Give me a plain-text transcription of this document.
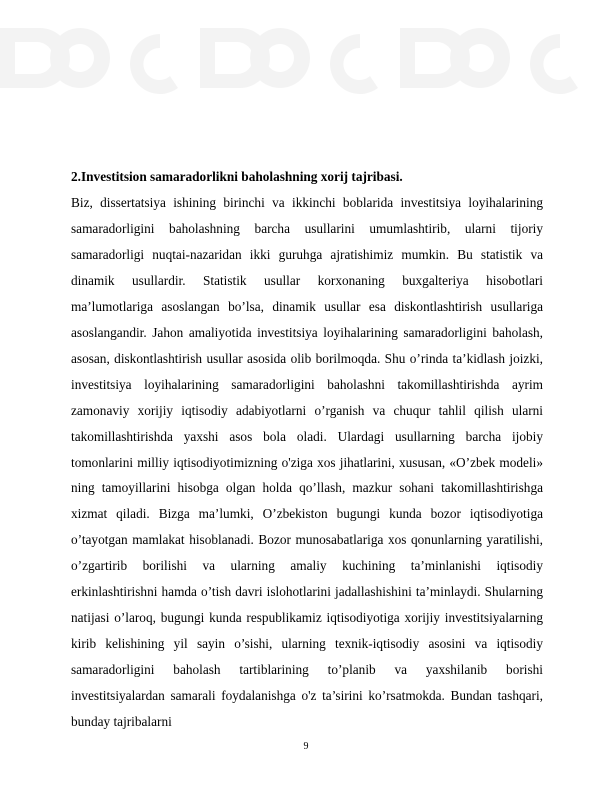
2.Investitsion samaradorlikni baholashning xorij tajribasi.

Biz, dissertatsiya ishining birinchi va ikkinchi boblarida investitsiya loyihalarining samaradorligini baholashning barcha usullarini umumlashtirib, ularni tijoriy samaradorligi nuqtai-nazaridan ikki guruhga ajratishimiz mumkin. Bu statistik va dinamik usullardir. Statistik usullar korxonaning buxgalteriya hisobotlari ma’lumotlariga asoslangan bo’lsa, dinamik usullar esa diskontlashtirish usullariga asoslangandir. Jahon amaliyotida investitsiya loyihalarining samaradorligini baholash, asosan, diskontlashtirish usullar asosida olib borilmoqda. Shu o’rinda ta’kidlash joizki, investitsiya loyihalarining samaradorligini baholashni takomillashtirishda ayrim zamonaviy xorijiy iqtisodiy adabiyotlarni o’rganish va chuqur tahlil qilish ularni takomillashtirishda yaxshi asos bola oladi. Ulardagi usullarning barcha ijobiy tomonlarini milliy iqtisodiyotimizning o'ziga xos jihatlarini, xususan, «O’zbek modeli» ning tamoyillarini hisobga olgan holda qo’llash, mazkur sohani takomillashtirishga xizmat qiladi. Bizga ma’lumki, O’zbekiston bugungi kunda bozor iqtisodiyotiga o’tayotgan mamlakat hisoblanadi. Bozor munosabatlariga xos qonunlarning yaratilishi, o’zgartirib borilishi va ularning amaliy kuchining ta’minlanishi iqtisodiy erkinlashtirishni hamda o’tish davri islohotlarini jadallashishini ta’minlaydi. Shularning natijasi o’laroq, bugungi kunda respublikamiz iqtisodiyotiga xorijiy investitsiyalarning kirib kelishining yil sayin o’sishi, ularning texnik-iqtisodiy asosini va iqtisodiy samaradorligini baholash tartiblarining to’planib va yaxshilanib borishi investitsiyalardan samarali foydalanishga o'z ta’sirini ko’rsatmokda. Bundan tashqari, bunday tajribalarni

9
